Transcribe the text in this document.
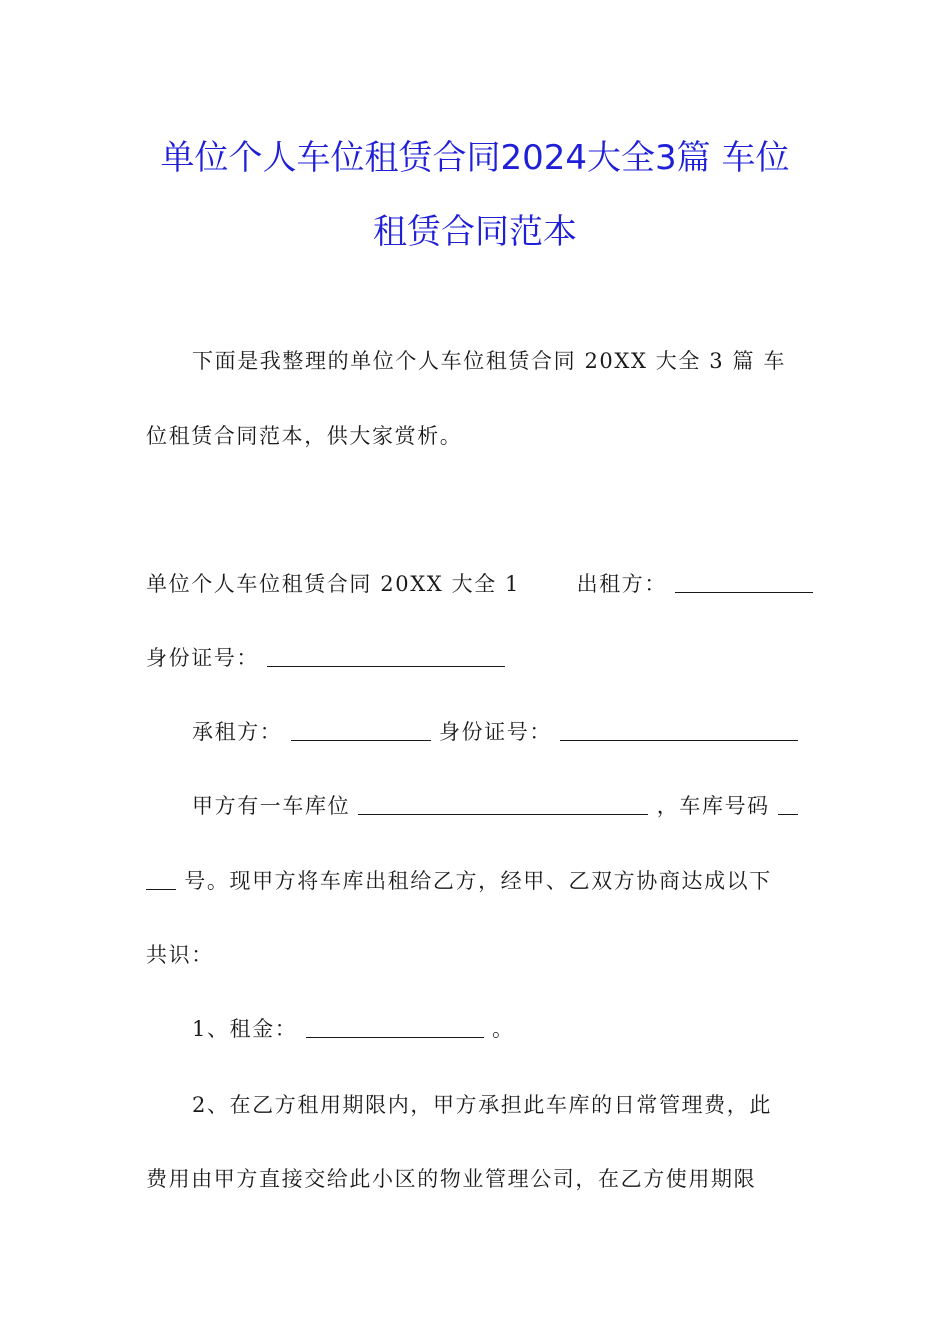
单位个人车位租赁合同2024大全3篇 车位
租赁合同范本
下面是我整理的单位个人车位租赁合同 20XX 大全 3 篇 车
位租赁合同范本，供大家赏析。
单位个人车位租赁合同 20XX 大全 1	出租方：
身份证号：
承租方：	身份证号：
甲方有一车库位	，车库号码
号。现甲方将车库出租给乙方，经甲、乙双方协商达成以下
共识：
1、租金：	。
2、在乙方租用期限内，甲方承担此车库的日常管理费，此
费用由甲方直接交给此小区的物业管理公司，在乙方使用期限
